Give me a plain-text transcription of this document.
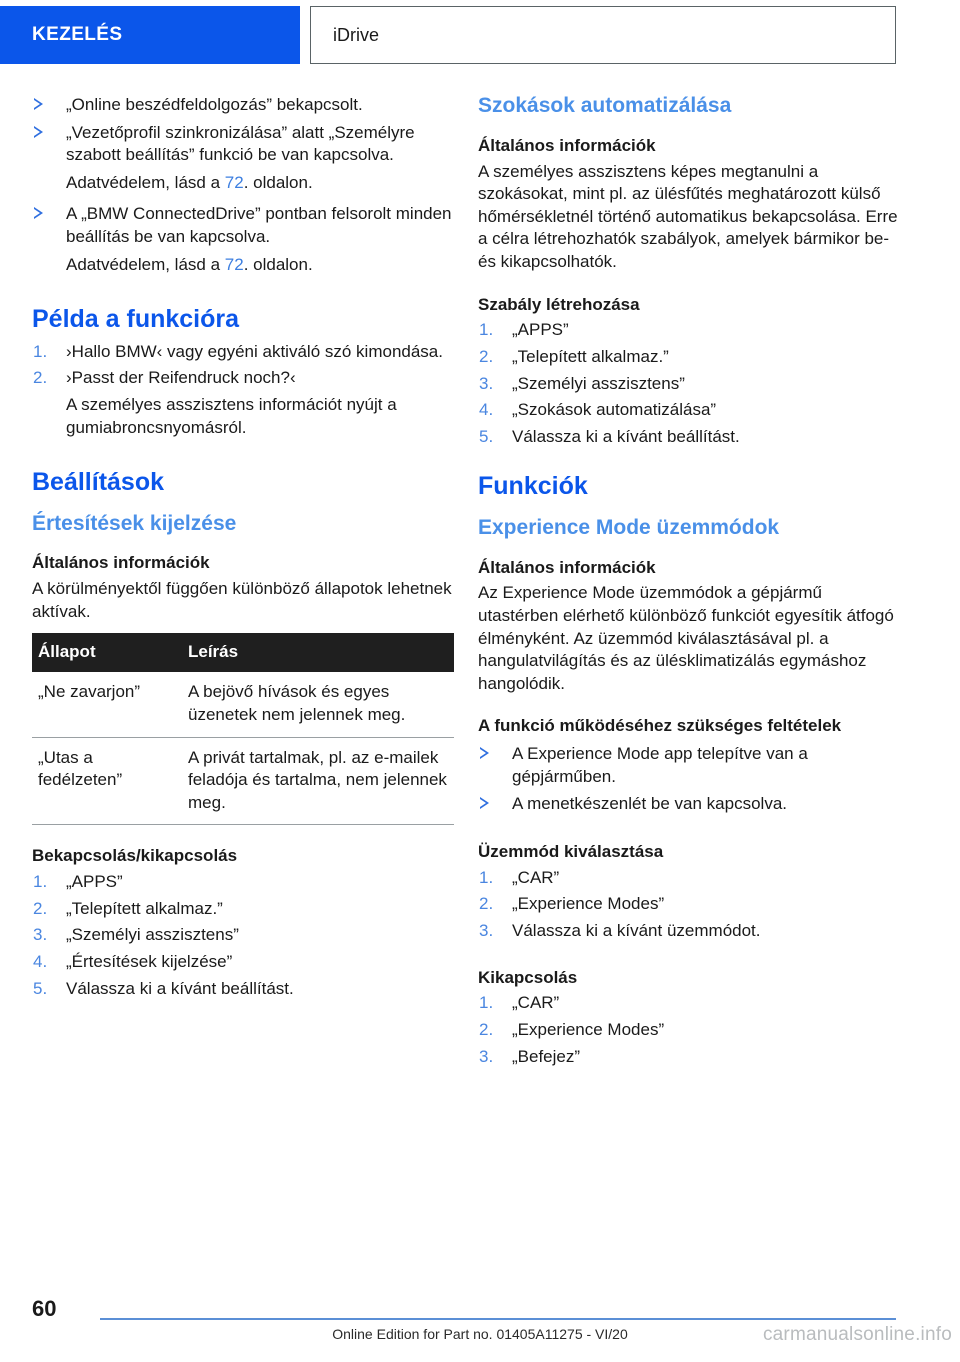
KEZELÉS	iDrive
„Online beszédfeldolgozás” bekapcsolt.
„Vezetőprofil szinkronizálása” alatt „Személyre szabott beállítás” funkció be van kapcsolva.
Adatvédelem, lásd a 72. oldalon.
A „BMW ConnectedDrive” pontban felsorolt minden beállítás be van kapcsolva.
Adatvédelem, lásd a 72. oldalon.
Példa a funkcióra
›Hallo BMW‹ vagy egyéni aktiváló szó kimondása.
›Passt der Reifendruck noch?‹
A személyes asszisztens információt nyújt a gumiabroncsnyomásról.
Beállítások
Értesítések kijelzése
Általános információk

A körülményektől függően különböző állapotok lehetnek aktívak.

Állapot	Leírás
„Ne zavarjon”	A bejövő hívások és egyes üzenetek nem jelennek meg.
„Utas a fedélzeten”	A privát tartalmak, pl. az e-mailek feladója és tartalma, nem jelennek meg.
Bekapcsolás/kikapcsolás
„APPS”
„Telepített alkalmaz.”
„Személyi asszisztens”
„Értesítések kijelzése”
Válassza ki a kívánt beállítást.
Szokások automatizálása
Általános információk

A személyes asszisztens képes megtanulni a szokásokat, mint pl. az ülésfűtés meghatározott külső hőmérsékletnél történő automatikus bekapcsolása. Erre a célra létrehozhatók szabályok, amelyek bármikor be- és kikapcsolhatók.

Szabály létrehozása
„APPS”
„Telepített alkalmaz.”
„Személyi asszisztens”
„Szokások automatizálása”
Válassza ki a kívánt beállítást.
Funkciók
Experience Mode üzemmódok
Általános információk

Az Experience Mode üzemmódok a gépjármű utastérben elérhető különböző funkciót egyesítik átfogó élményként. Az üzemmód kiválasztásával pl. a hangulatvilágítás és az ülésklimatizálás egymáshoz hangolódik.

A funkció működéséhez szükséges feltételek
A Experience Mode app telepítve van a gépjárműben.
A menetkészenlét be van kapcsolva.
Üzemmód kiválasztása
„CAR”
„Experience Modes”
Válassza ki a kívánt üzemmódot.
Kikapcsolás
„CAR”
„Experience Modes”
„Befejez”
60
Online Edition for Part no. 01405A11275 - VI/20	carmanualsonline.info
